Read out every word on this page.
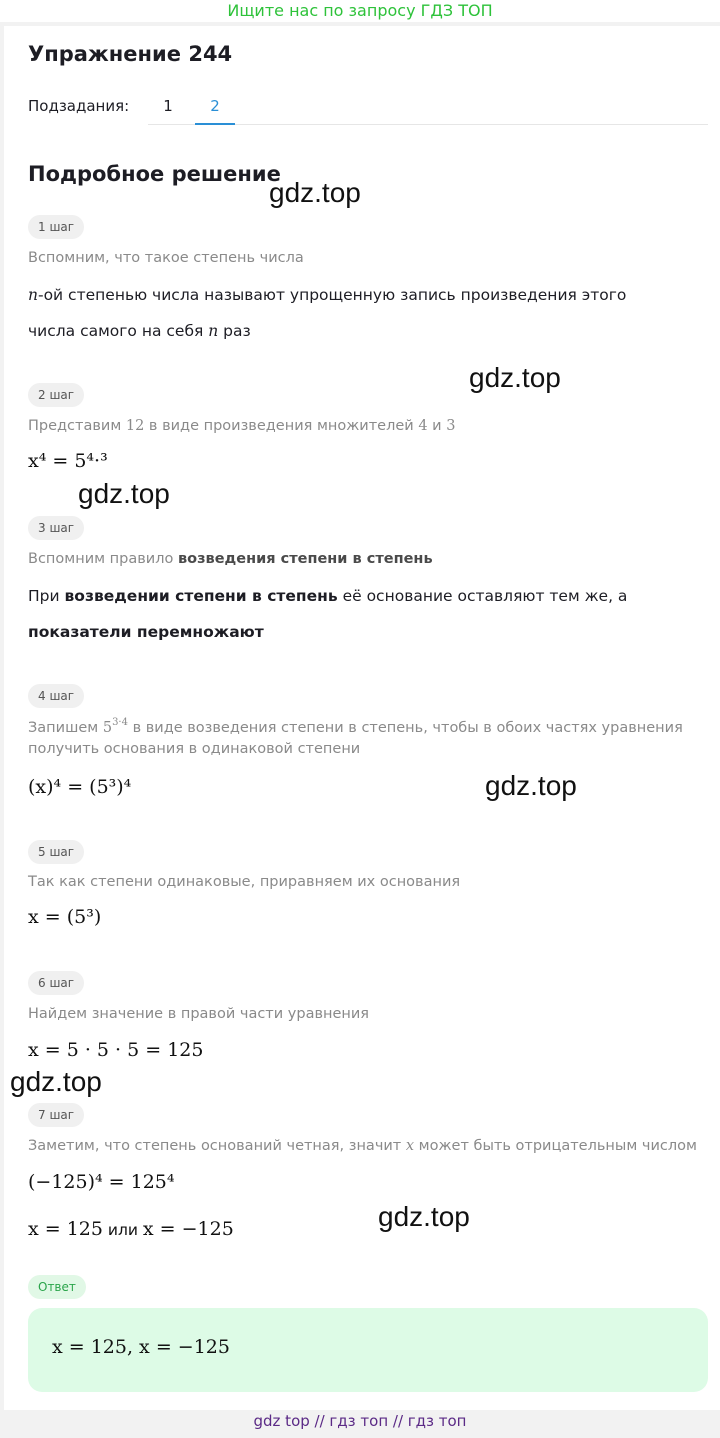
Ищите нас по запросу ГДЗ ТОП
Упражнение 244
Подзадания:	1	2
Подробное решение
1 шаг
Вспомним, что такое степень числа
n-ой степенью числа называют упрощенную запись произведения этого
числа самого на себя n раз
2 шаг
Представим 12 в виде произведения множителей 4 и 3
x⁴ = 5⁴·³
3 шаг
Вспомним правило возведения степени в степень
При возведении степени в степень её основание оставляют тем же, а
показатели перемножают
4 шаг
Запишем $5^{3\cdot 4}$ в виде возведения степени в степень, чтобы в обоих частях уравнения
получить основания в одинаковой степени
(x)⁴ = (5³)⁴
5 шаг
Так как степени одинаковые, приравняем их основания
x = (5³)
6 шаг
Найдем значение в правой части уравнения
x = 5 · 5 · 5 = 125
7 шаг
Заметим, что степень оснований четная, значит x может быть отрицательным числом
(−125)⁴ = 125⁴
x = 125 или x = −125
Ответ
x = 125, x = −125
gdz.top
gdz.top
gdz.top
gdz.top
gdz.top
gdz.top
gdz top // гдз топ // гдз топ
